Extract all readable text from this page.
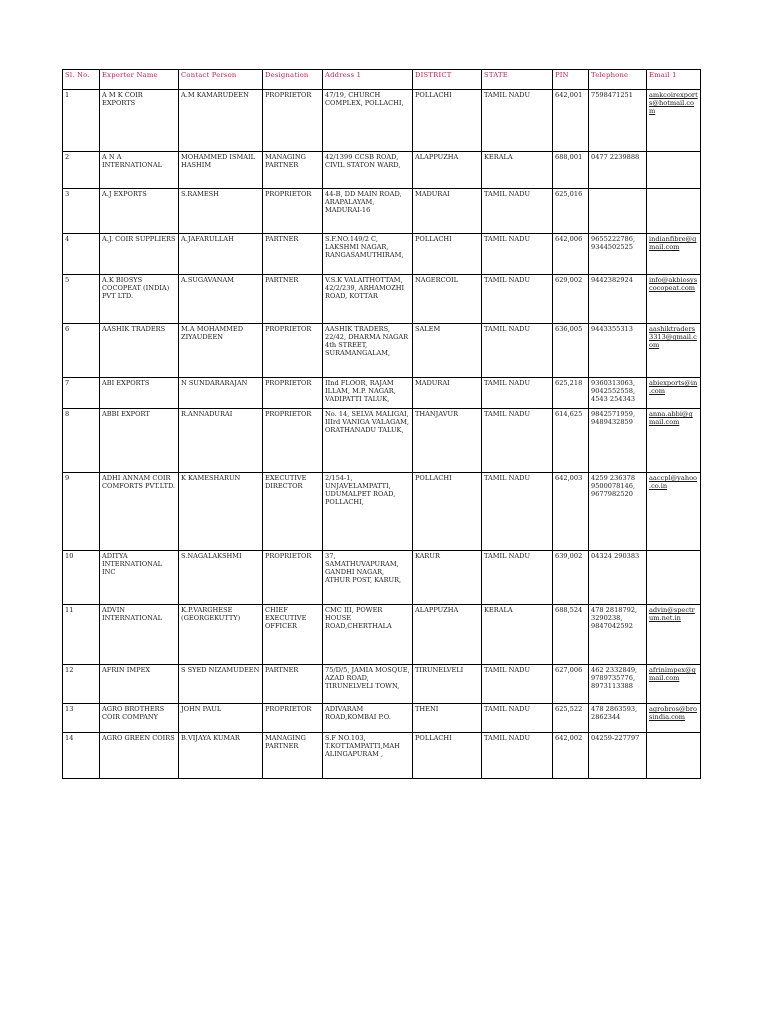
Sl. No.	Exporter Name	Contact Person	Designation	Address 1	DISTRICT	STATE	PIN	Telephone	Email 1
1	A M K COIR EXPORTS	A.M KAMARUDEEN	PROPRIETOR	47/19, CHURCH COMPLEX, POLLACHI,	POLLACHI	TAMIL NADU	642,001	7598471251	amkcoirexports@hotmail.com
2	A N A INTERNATIONAL	MOHAMMED ISMAIL HASHIM	MANAGING PARTNER	42/1399 CCSB ROAD, CIVIL STATON WARD,	ALAPPUZHA	KERALA	688,001	0477 2239888	
3	A.J EXPORTS	S.RAMESH	PROPRIETOR	44-B, DD MAIN ROAD, ARAPALAYAM, MADURAI-16	MADURAI	TAMIL NADU	625,016		
4	A.J. COIR SUPPLIERS	A.JAFARULLAH	PARTNER	S.F.NO.149/2 C, LAKSHMI NAGAR, RANGASAMUTHIRAM,	POLLACHI	TAMIL NADU	642,006	9655222786, 9344502525	indianfibre@gmail.com
5	A.K BIOSYS COCOPEAT (INDIA) PVT LTD.	A.SUGAVANAM	PARTNER	V.S.K VALAITHOTTAM, 42/2/239, ARHAMOZHI ROAD, KOTTAR	NAGERCOIL	TAMIL NADU	629,002	9442382924	info@akbiosyscocopeat.com
6	AASHIK TRADERS	M.A MOHAMMED ZIYAUDEEN	PROPRIETOR	AASHIK TRADERS, 22/42, DHARMA NAGAR 4th STREET, SURAMANGALAM,	SALEM	TAMIL NADU	636,005	9443355313	aashiktraders3313@gmail.com
7	ABI EXPORTS	N SUNDARARAJAN	PROPRIETOR	IInd FLOOR, RAJAM ILLAM, M.P. NAGAR, VADIPATTI TALUK,	MADURAI	TAMIL NADU	625,218	9360313063, 9042552558, 4543 254343	abiexports@in.com
8	ABBI EXPORT	R.ANNADURAI	PROPRIETOR	No. 14, SELVA MALIGAI, IIIrd VANIGA VALAGAM, ORATHANADU TALUK,	THANJAVUR	TAMIL NADU	614,625	9842571959, 9489432859	anna.abbi@gmail.com
9	ADHI ANNAM COIR COMFORTS PVT.LTD.	K KAMESHARUN	EXECUTIVE DIRECTOR	2/154-1, UNJAVELAMPATTI, UDUMALPET ROAD, POLLACHI,	POLLACHI	TAMIL NADU	642,003	4259 236378 9500078146, 9677982520	aaccpl@yahoo.co.in
10	ADITYA INTERNATIONAL INC	S.NAGALAKSHMI	PROPRIETOR	37, SAMATHUVAPURAM, GANDHI NAGAR, ATHUR POST, KARUR,	KARUR	TAMIL NADU	639,002	04324 290383	
11	ADVIN INTERNATIONAL	K.P.VARGHESE (GEORGEKUTTY)	CHIEF EXECUTIVE OFFICER	CMC III, POWER HOUSE ROAD,CHERTHALA	ALAPPUZHA	KERALA	688,524	478 2818792, 3290238, 9847042592	advin@spectrum.net.in
12	AFRIN IMPEX	S SYED NIZAMUDEEN	PARTNER	75/D/5, JAMIA MOSQUE, AZAD ROAD, TIRUNELVELI TOWN,	TIRUNELVELI	TAMIL NADU	627,006	462 2332849, 9789735776, 8973113388	afrinimpex@gmail.com
13	AGRO BROTHERS COIR COMPANY	JOHN PAUL	PROPRIETOR	ADIVARAM ROAD,KOMBAI P.O.	THENI	TAMIL NADU	625,522	478 2863593, 2862344	agrobros@brosindia.com
14	AGRO GREEN COIRS	B.VIJAYA KUMAR	MANAGING PARTNER	S.F NO.103, T.KOTTAMPATTI,MAH ALINGAPURAM ,	POLLACHI	TAMIL NADU	642,002	04259-227797	
